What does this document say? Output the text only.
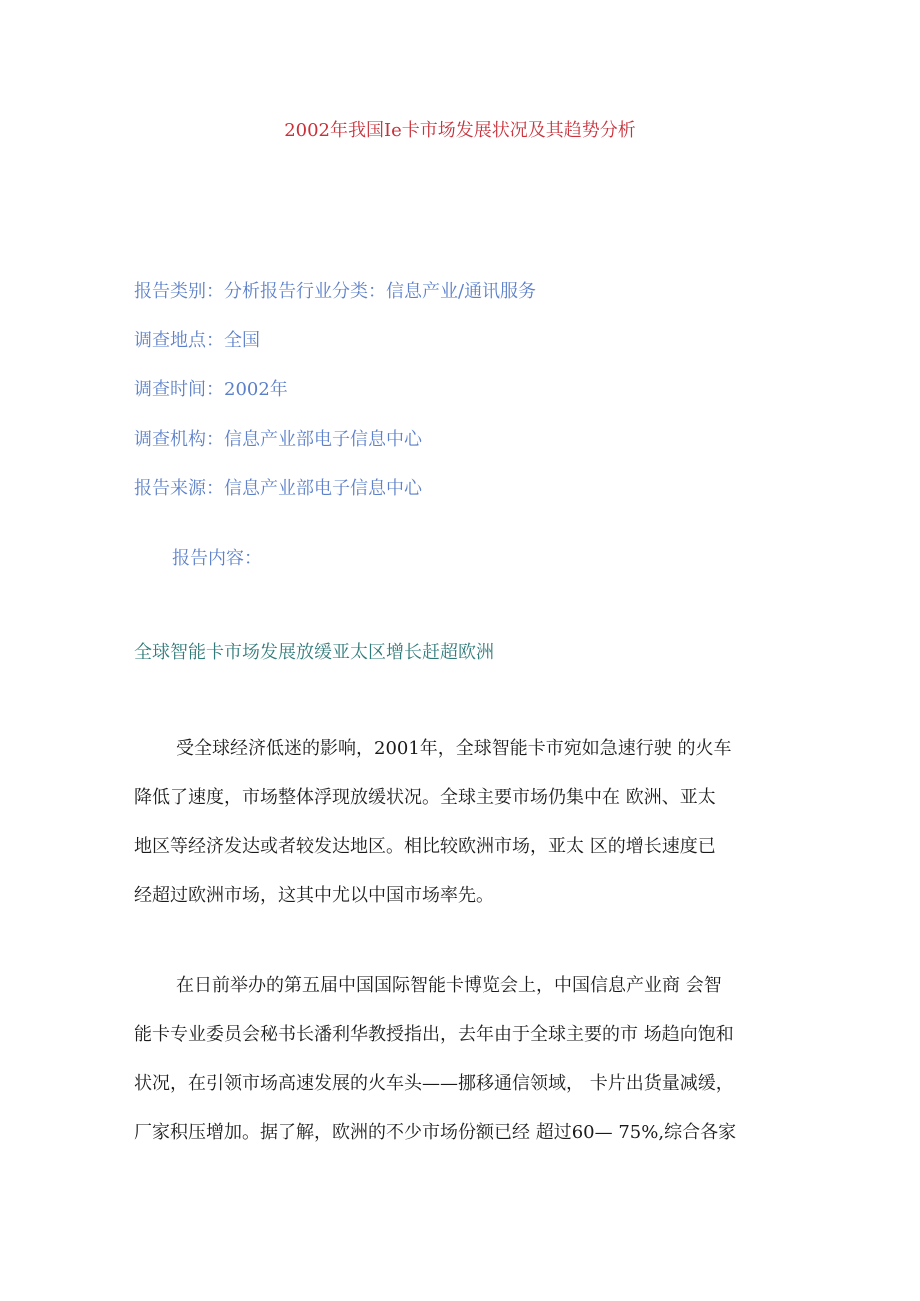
2002年我国Ie卡市场发展状况及其趋势分析
报告类别：分析报告行业分类：信息产业/通讯服务
调查地点：全国
调查时间：2002年
调查机构：信息产业部电子信息中心
报告来源：信息产业部电子信息中心
报告内容：
全球智能卡市场发展放缓亚太区增长赶超欧洲
受全球经济低迷的影响，2001年，全球智能卡市宛如急速行驶 的火车
降低了速度，市场整体浮现放缓状况。全球主要市场仍集中在 欧洲、亚太
地区等经济发达或者较发达地区。相比较欧洲市场，亚太 区的增长速度已
经超过欧洲市场，这其中尤以中国市场率先。
在日前举办的第五届中国国际智能卡博览会上，中国信息产业商 会智
能卡专业委员会秘书长潘利华教授指出，去年由于全球主要的市 场趋向饱和
状况，在引领市场高速发展的火车头——挪移通信领域， 卡片出货量减缓，
厂家积压增加。据了解，欧洲的不少市场份额已经 超过60— 75%,综合各家
